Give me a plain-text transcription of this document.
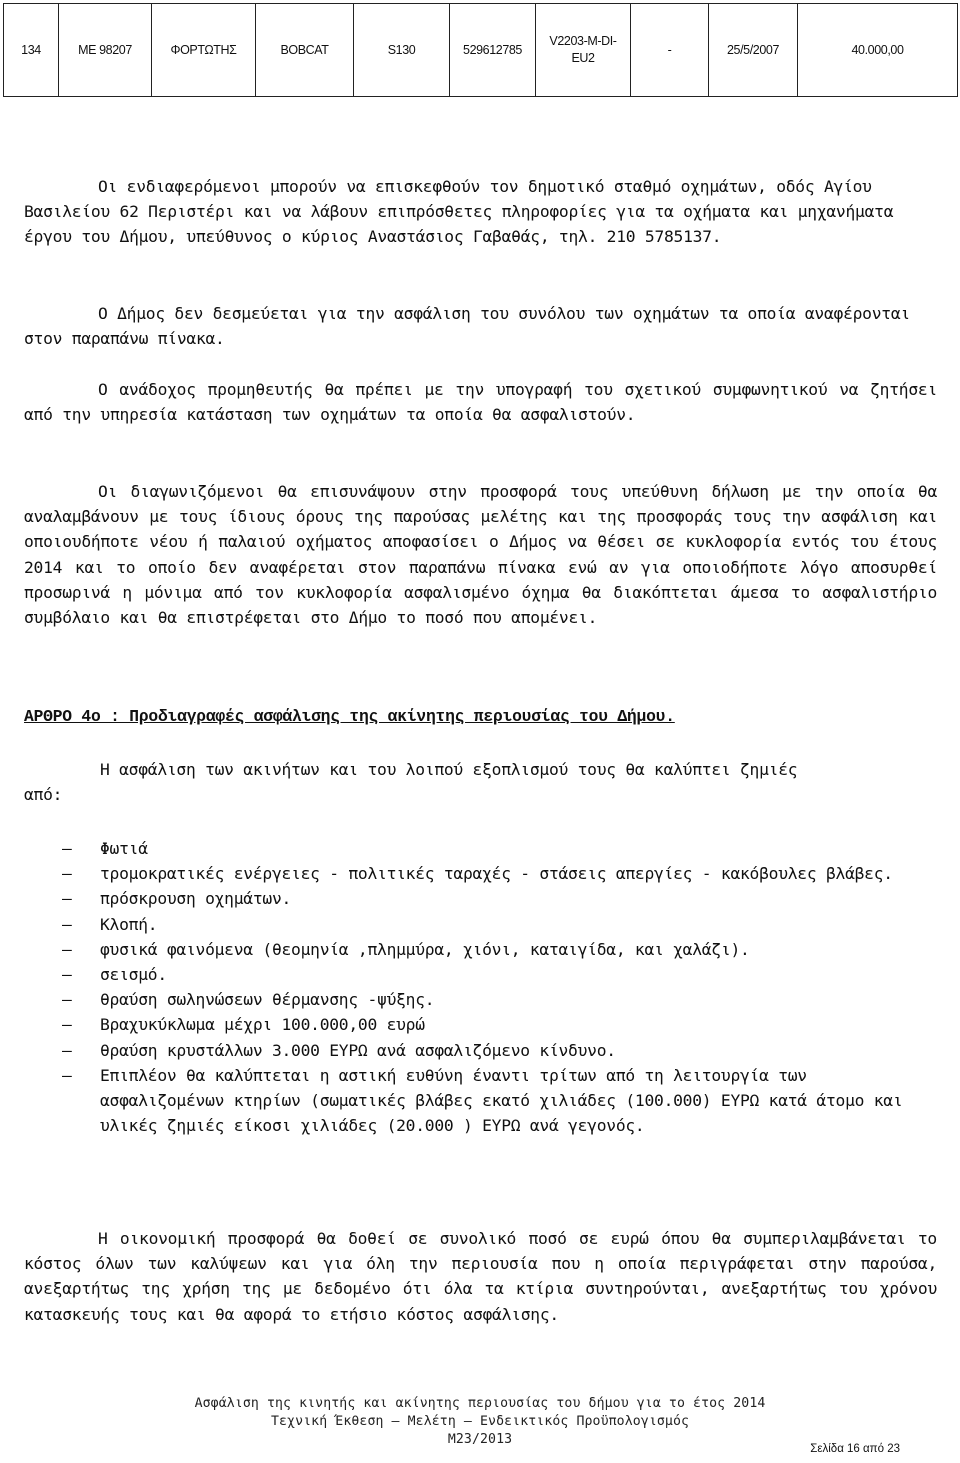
134	ΜΕ 98207	ΦΟΡΤΩΤΗΣ	BOBCAT	S130	529612785	V2203-M-DI-EU2	-	25/5/2007	40.000,00

Οι ενδιαφερόμενοι μπορούν να επισκεφθούν τον δημοτικό σταθμό οχημάτων, οδός Αγίου Βασιλείου 62 Περιστέρι και να λάβουν επιπρόσθετες πληροφορίες για τα οχήματα και μηχανήματα έργου του Δήμου, υπεύθυνος ο κύριος Αναστάσιος Γαβαθάς, τηλ. 210 5785137.

Ο Δήμος δεν δεσμεύεται για την ασφάλιση του συνόλου των οχημάτων τα οποία αναφέρονται στον παραπάνω πίνακα.

Ο ανάδοχος προμηθευτής θα πρέπει με την υπογραφή του σχετικού συμφωνητικού να ζητήσει από την υπηρεσία κατάσταση των οχημάτων τα οποία θα ασφαλιστούν.

Οι διαγωνιζόμενοι θα επισυνάψουν στην προσφορά τους υπεύθυνη δήλωση με την οποία θα αναλαμβάνουν με τους ίδιους όρους της παρούσας μελέτης και της προσφοράς τους την ασφάλιση και οποιουδήποτε νέου ή παλαιού οχήματος αποφασίσει ο Δήμος να θέσει σε κυκλοφορία εντός του έτους 2014 και το οποίο δεν αναφέρεται στον παραπάνω πίνακα ενώ αν για οποιοδήποτε λόγο αποσυρθεί προσωρινά η μόνιμα από τον κυκλοφορία ασφαλισμένο όχημα θα διακόπτεται άμεσα το ασφαλιστήριο συμβόλαιο και θα επιστρέφεται στο Δήμο το ποσό που απομένει.

ΑΡΘΡΟ 4ο : Προδιαγραφές ασφάλισης της ακίνητης περιουσίας του Δήμου.

Η ασφάλιση των ακινήτων και του λοιπού εξοπλισμού τους θα καλύπτει ζημιές
από:
– Φωτιά
– τρομοκρατικές ενέργειες - πολιτικές ταραχές - στάσεις απεργίες - κακόβουλες βλάβες.
– πρόσκρουση οχημάτων.
– Κλοπή.
– φυσικά φαινόμενα (θεομηνία ,πλημμύρα, χιόνι, καταιγίδα, και χαλάζι).
– σεισμό.
– θραύση σωληνώσεων θέρμανσης -ψύξης.
– Βραχυκύκλωμα μέχρι 100.000,00 ευρώ
– θραύση κρυστάλλων 3.000 ΕΥΡΩ ανά ασφαλιζόμενο κίνδυνο.
– Επιπλέον θα καλύπτεται η αστική ευθύνη έναντι τρίτων από τη λειτουργία των ασφαλιζομένων κτηρίων (σωματικές βλάβες εκατό χιλιάδες (100.000) ΕΥΡΩ κατά άτομο και υλικές ζημιές είκοσι χιλιάδες (20.000 ) ΕΥΡΩ ανά γεγονός.

Η οικονομική προσφορά θα δοθεί σε συνολικό ποσό σε ευρώ όπου θα συμπεριλαμβάνεται το κόστος όλων των καλύψεων και για όλη την περιουσία που η οποία περιγράφεται στην παρούσα, ανεξαρτήτως της χρήση της με δεδομένο ότι όλα τα κτίρια συντηρούνται, ανεξαρτήτως του χρόνου κατασκευής τους και θα αφορά το ετήσιο κόστος ασφάλισης.

Ασφάλιση της κινητής και ακίνητης περιουσίας του δήμου για το έτος 2014
Τεχνική Έκθεση – Μελέτη – Ενδεικτικός Προϋπολογισμός
Μ23/2013
Σελίδα 16 από 23
